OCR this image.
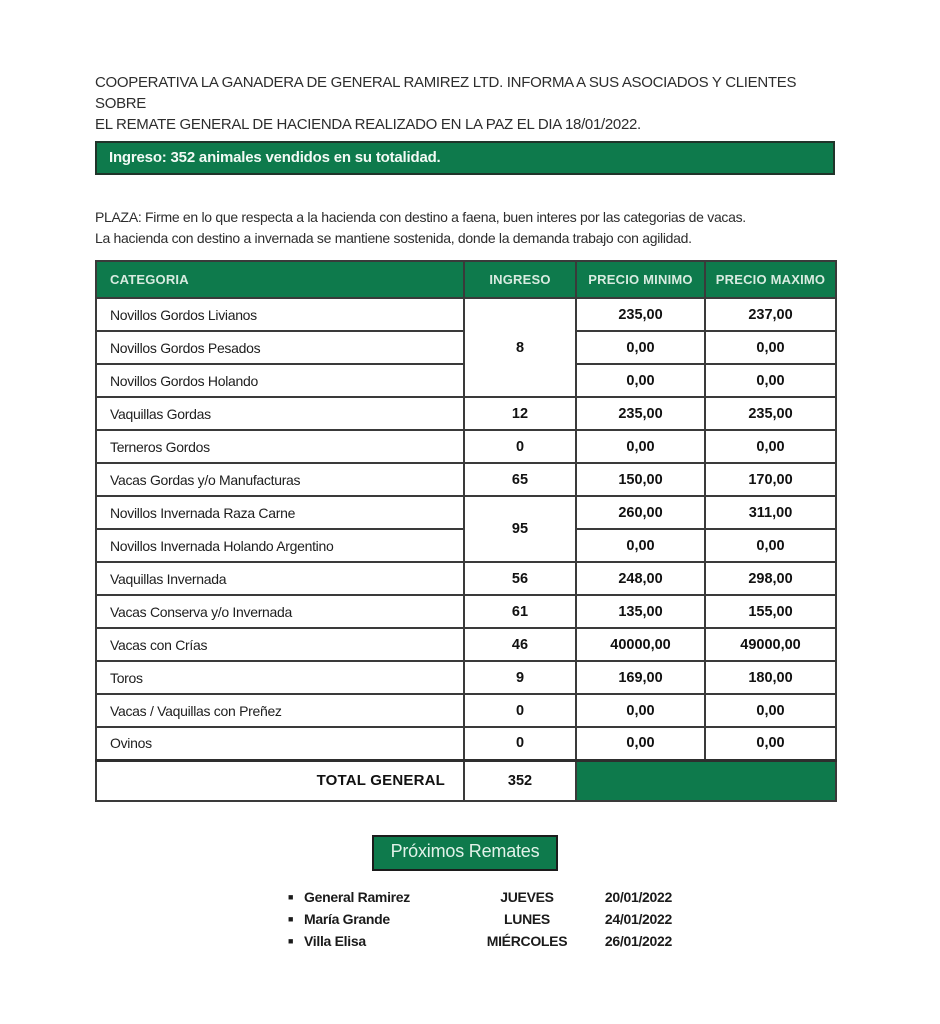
COOPERATIVA LA GANADERA DE GENERAL RAMIREZ LTD. INFORMA A SUS ASOCIADOS Y CLIENTES SOBRE
EL REMATE GENERAL DE HACIENDA REALIZADO EN LA PAZ EL DIA 18/01/2022.

Ingreso: 352 animales vendidos en su totalidad.

PLAZA: Firme en lo que respecta a la hacienda con destino a faena, buen interes por las categorias de vacas.
La hacienda con destino a invernada se mantiene sostenida, donde la demanda trabajo con agilidad.

CATEGORIA	INGRESO	PRECIO MINIMO	PRECIO MAXIMO
Novillos Gordos Livianos	8	235,00	237,00
Novillos Gordos Pesados		0,00	0,00
Novillos Gordos Holando		0,00	0,00
Vaquillas Gordas	12	235,00	235,00
Terneros Gordos	0	0,00	0,00
Vacas Gordas y/o Manufacturas	65	150,00	170,00
Novillos Invernada Raza Carne	95	260,00	311,00
Novillos Invernada Holando Argentino		0,00	0,00
Vaquillas Invernada	56	248,00	298,00
Vacas Conserva y/o Invernada	61	135,00	155,00
Vacas con Crías	46	40000,00	49000,00
Toros	9	169,00	180,00
Vacas / Vaquillas con Preñez	0	0,00	0,00
Ovinos	0	0,00	0,00
TOTAL GENERAL	352		
Próximos Remates
■ General Ramirez	JUEVES	20/01/2022
■ María Grande	LUNES	24/01/2022
■ Villa Elisa	MIÉRCOLES	26/01/2022
